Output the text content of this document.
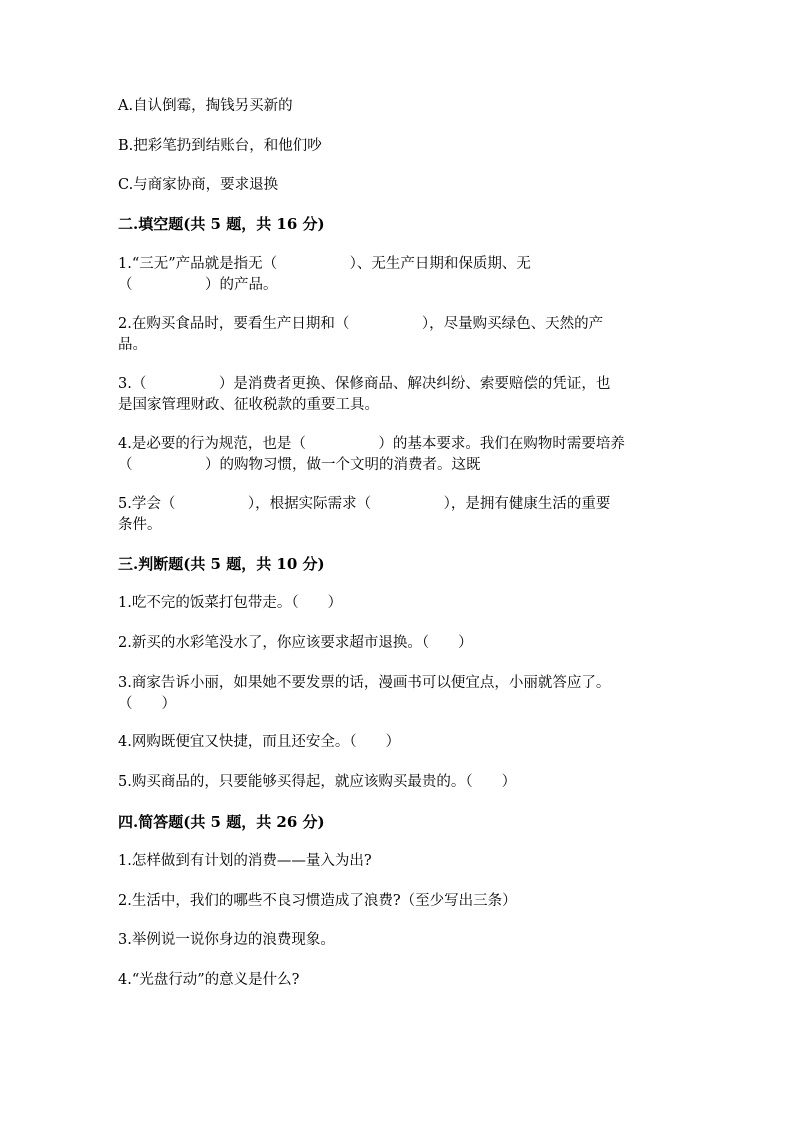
A.自认倒霉，掏钱另买新的
B.把彩笔扔到结账台，和他们吵
C.与商家协商，要求退换
二.填空题(共 5 题，共 16 分)
1.“三无”产品就是指无（　　　　　）、无生产日期和保质期、无
（　　　　　）的产品。
2.在购买食品时，要看生产日期和（　　　　　），尽量购买绿色、天然的产
品。
3.（　　　　　）是消费者更换、保修商品、解决纠纷、索要赔偿的凭证，也
是国家管理财政、征收税款的重要工具。
4.是必要的行为规范，也是（　　　　　）的基本要求。我们在购物时需要培养
（　　　　　）的购物习惯，做一个文明的消费者。这既
5.学会（　　　　　），根据实际需求（　　　　　），是拥有健康生活的重要
条件。
三.判断题(共 5 题，共 10 分)
1.吃不完的饭菜打包带走。（　　）
2.新买的水彩笔没水了，你应该要求超市退换。（　　）
3.商家告诉小丽，如果她不要发票的话，漫画书可以便宜点，小丽就答应了。
（　　）
4.网购既便宜又快捷，而且还安全。（　　）
5.购买商品的，只要能够买得起，就应该购买最贵的。（　　）
四.简答题(共 5 题，共 26 分)
1.怎样做到有计划的消费——量入为出?
2.生活中，我们的哪些不良习惯造成了浪费?（至少写出三条）
3.举例说一说你身边的浪费现象。
4.“光盘行动”的意义是什么?
